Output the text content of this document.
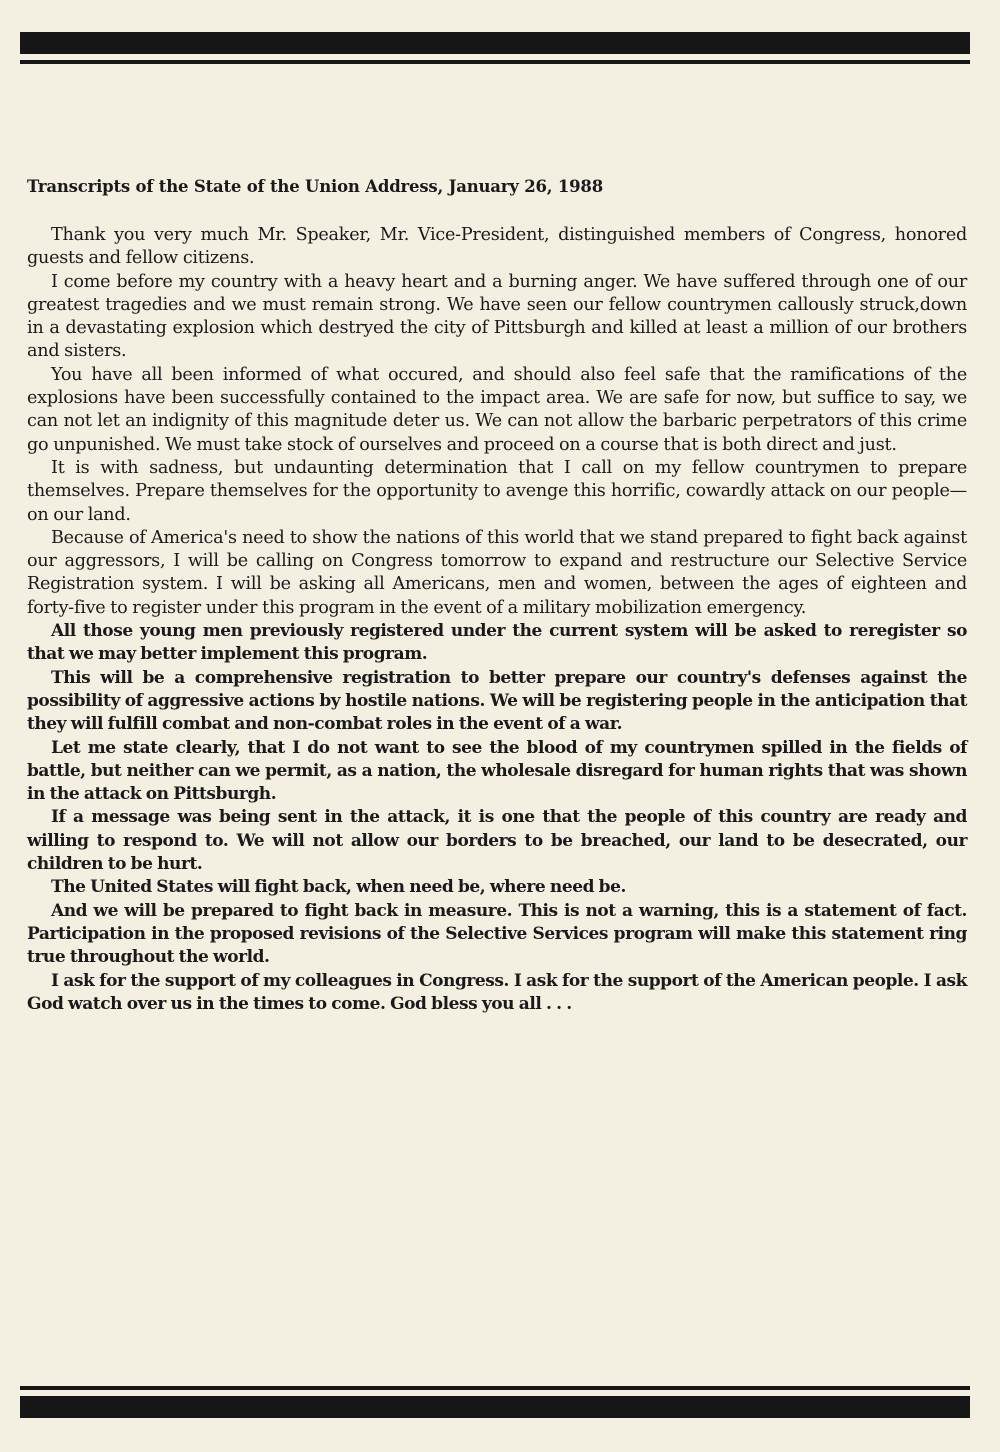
Transcripts of the State of the Union Address, January 26, 1988

Thank you very much Mr. Speaker, Mr. Vice-President, distinguished members of Congress, honored guests and fellow citizens.

I come before my country with a heavy heart and a burning anger. We have suffered through one of our greatest tragedies and we must remain strong. We have seen our fellow countrymen callously struck,down in a devastating explosion which destryed the city of Pittsburgh and killed at least a million of our brothers and sisters.

You have all been informed of what occured, and should also feel safe that the ramifications of the explosions have been successfully contained to the impact area. We are safe for now, but suffice to say, we can not let an indignity of this magnitude deter us. We can not allow the barbaric perpetrators of this crime go unpunished. We must take stock of ourselves and proceed on a course that is both direct and just.

It is with sadness, but undaunting determination that I call on my fellow countrymen to prepare themselves. Prepare themselves for the opportunity to avenge this horrific, cowardly attack on our people—on our land.

Because of America's need to show the nations of this world that we stand prepared to fight back against our aggressors, I will be calling on Congress tomorrow to expand and restructure our Selective Service Registration system. I will be asking all Americans, men and women, between the ages of eighteen and forty-five to register under this program in the event of a military mobilization emergency.

All those young men previously registered under the current system will be asked to reregister so that we may better implement this program.

This will be a comprehensive registration to better prepare our country's defenses against the possibility of aggressive actions by hostile nations. We will be registering people in the anticipation that they will fulfill combat and non-combat roles in the event of a war.

Let me state clearly, that I do not want to see the blood of my countrymen spilled in the fields of battle, but neither can we permit, as a nation, the wholesale disregard for human rights that was shown in the attack on Pittsburgh.

If a message was being sent in the attack, it is one that the people of this country are ready and willing to respond to. We will not allow our borders to be breached, our land to be desecrated, our children to be hurt.

The United States will fight back, when need be, where need be.

And we will be prepared to fight back in measure. This is not a warning, this is a statement of fact. Participation in the proposed revisions of the Selective Services program will make this statement ring true throughout the world.

I ask for the support of my colleagues in Congress. I ask for the support of the American people. I ask God watch over us in the times to come. God bless you all . . .
